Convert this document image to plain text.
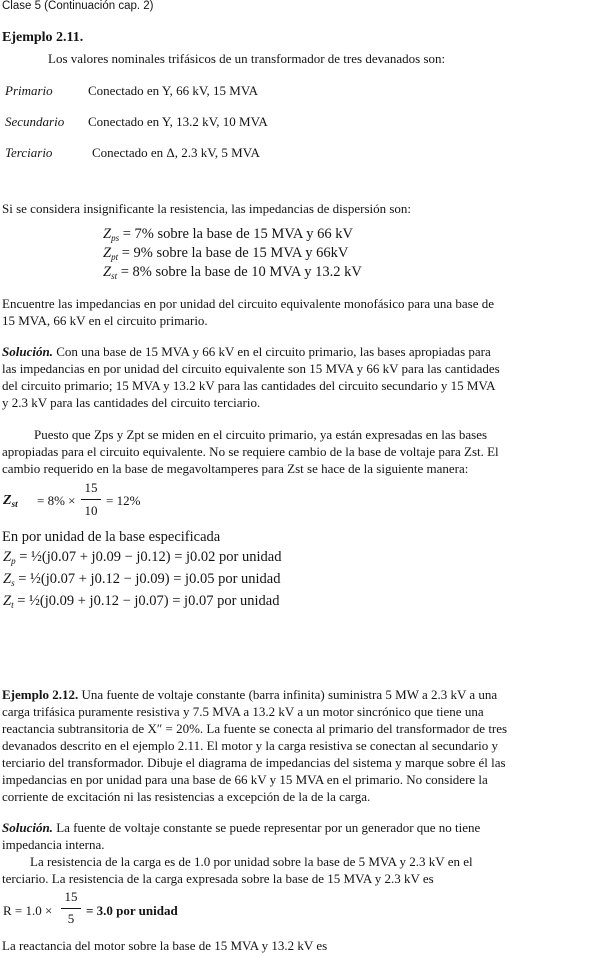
Clase 5 (Continuación cap. 2)
Ejemplo 2.11.
Los valores nominales trifásicos de un transformador de tres devanados son:
Primario	Conectado en Y, 66 kV, 15 MVA
Secundario Conectado en Y, 13.2 kV, 10 MVA
Terciario	Conectado en Δ, 2.3 kV, 5 MVA
Si se considera insignificante la resistencia, las impedancias de dispersión son:
$Z_{ps} = 7\%$ sobre la base de 15 MVA y 66 kV
$Z_{pt} = 9\%$ sobre la base de 15 MVA y 66kV
$Z_{st} = 8\%$ sobre la base de 10 MVA y 13.2 kV
Encuentre las impedancias en por unidad del circuito equivalente monofásico para una base de
15 MVA, 66 kV en el circuito primario.
Solución. Con una base de 15 MVA y 66 kV en el circuito primario, las bases apropiadas para
las impedancias en por unidad del circuito equivalente son 15 MVA y 66 kV para las cantidades
del circuito primario; 15 MVA y 13.2 kV para las cantidades del circuito secundario y 15 MVA
y 2.3 kV para las cantidades del circuito terciario.
Puesto que Zps y Zpt se miden en el circuito primario, ya están expresadas en las bases
apropiadas para el circuito equivalente. No se requiere cambio de la base de voltaje para Zst. El
cambio requerido en la base de megavoltamperes para Zst se hace de la siguiente manera:
$Z_{st} = 8\%$ ×
15
10
= 12%
En por unidad de la base especificada
$Z_p$ = ½(j0.07 + j0.09 − j0.12) = j0.02 por unidad
$Z_s$ = ½(j0.07 + j0.12 − j0.09) = j0.05 por unidad
$Z_t$ = ½(j0.09 + j0.12 − j0.07) = j0.07 por unidad
Ejemplo 2.12. Una fuente de voltaje constante (barra infinita) suministra 5 MW a 2.3 kV a una
carga trifásica puramente resistiva y 7.5 MVA a 13.2 kV a un motor sincrónico que tiene una
reactancia subtransitoria de X″ = 20%. La fuente se conecta al primario del transformador de tres
devanados descrito en el ejemplo 2.11. El motor y la carga resistiva se conectan al secundario y
terciario del transformador. Dibuje el diagrama de impedancias del sistema y marque sobre él las
impedancias en por unidad para una base de 66 kV y 15 MVA en el primario. No considere la
corriente de excitación ni las resistencias a excepción de la de la carga.
Solución. La fuente de voltaje constante se puede representar por un generador que no tiene
impedancia interna.
La resistencia de la carga es de 1.0 por unidad sobre la base de 5 MVA y 2.3 kV en el
terciario. La resistencia de la carga expresada sobre la base de 15 MVA y 2.3 kV es
R = 1.0 ×
15
5
= 3.0 por unidad
La reactancia del motor sobre la base de 15 MVA y 13.2 kV es
